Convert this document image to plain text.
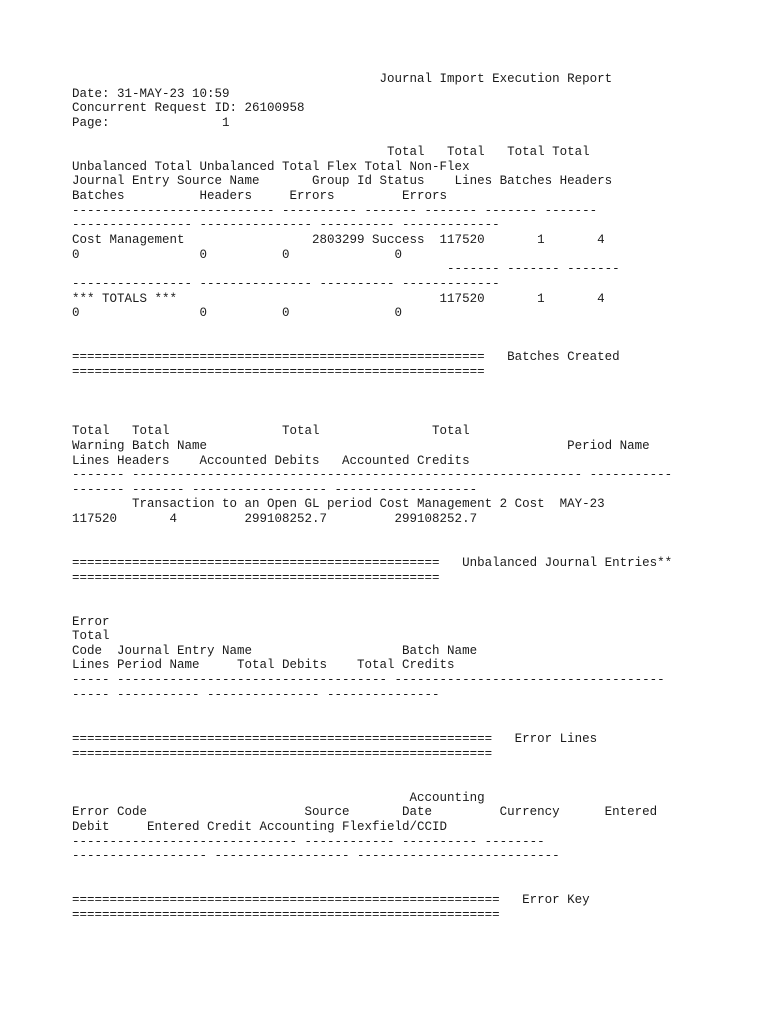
Journal Import Execution Report
Date: 31-MAY-23 10:59
Concurrent Request ID: 26100958
Page:               1
Total   Total   Total Total
Unbalanced Total Unbalanced Total Flex Total Non-Flex
Journal Entry Source Name       Group Id Status    Lines Batches Headers
Batches          Headers     Errors         Errors
--------------------------- ---------- ------- ------- ------- -------
---------------- --------------- ---------- -------------
Cost Management                 2803299 Success  117520       1       4
0                0          0              0
------- ------- -------
---------------- --------------- ---------- -------------
*** TOTALS ***                                   117520       1       4
0                0          0              0
=======================================================   Batches Created
=======================================================
Total   Total               Total               Total
Warning Batch Name                                                Period Name
Lines Headers    Accounted Debits   Accounted Credits
------- ------------------------------------------------------------ -----------
------- ------- ------------------ -------------------
Transaction to an Open GL period Cost Management 2 Cost  MAY-23
117520       4         299108252.7         299108252.7
=================================================   Unbalanced Journal Entries**
=================================================
Error
Total
Code  Journal Entry Name                    Batch Name
Lines Period Name     Total Debits    Total Credits
----- ------------------------------------ ------------------------------------
----- ----------- --------------- ---------------
========================================================   Error Lines
========================================================
Accounting
Error Code                     Source       Date         Currency      Entered
Debit     Entered Credit Accounting Flexfield/CCID
------------------------------ ------------ ---------- --------
------------------ ------------------ ---------------------------
=========================================================   Error Key
=========================================================
